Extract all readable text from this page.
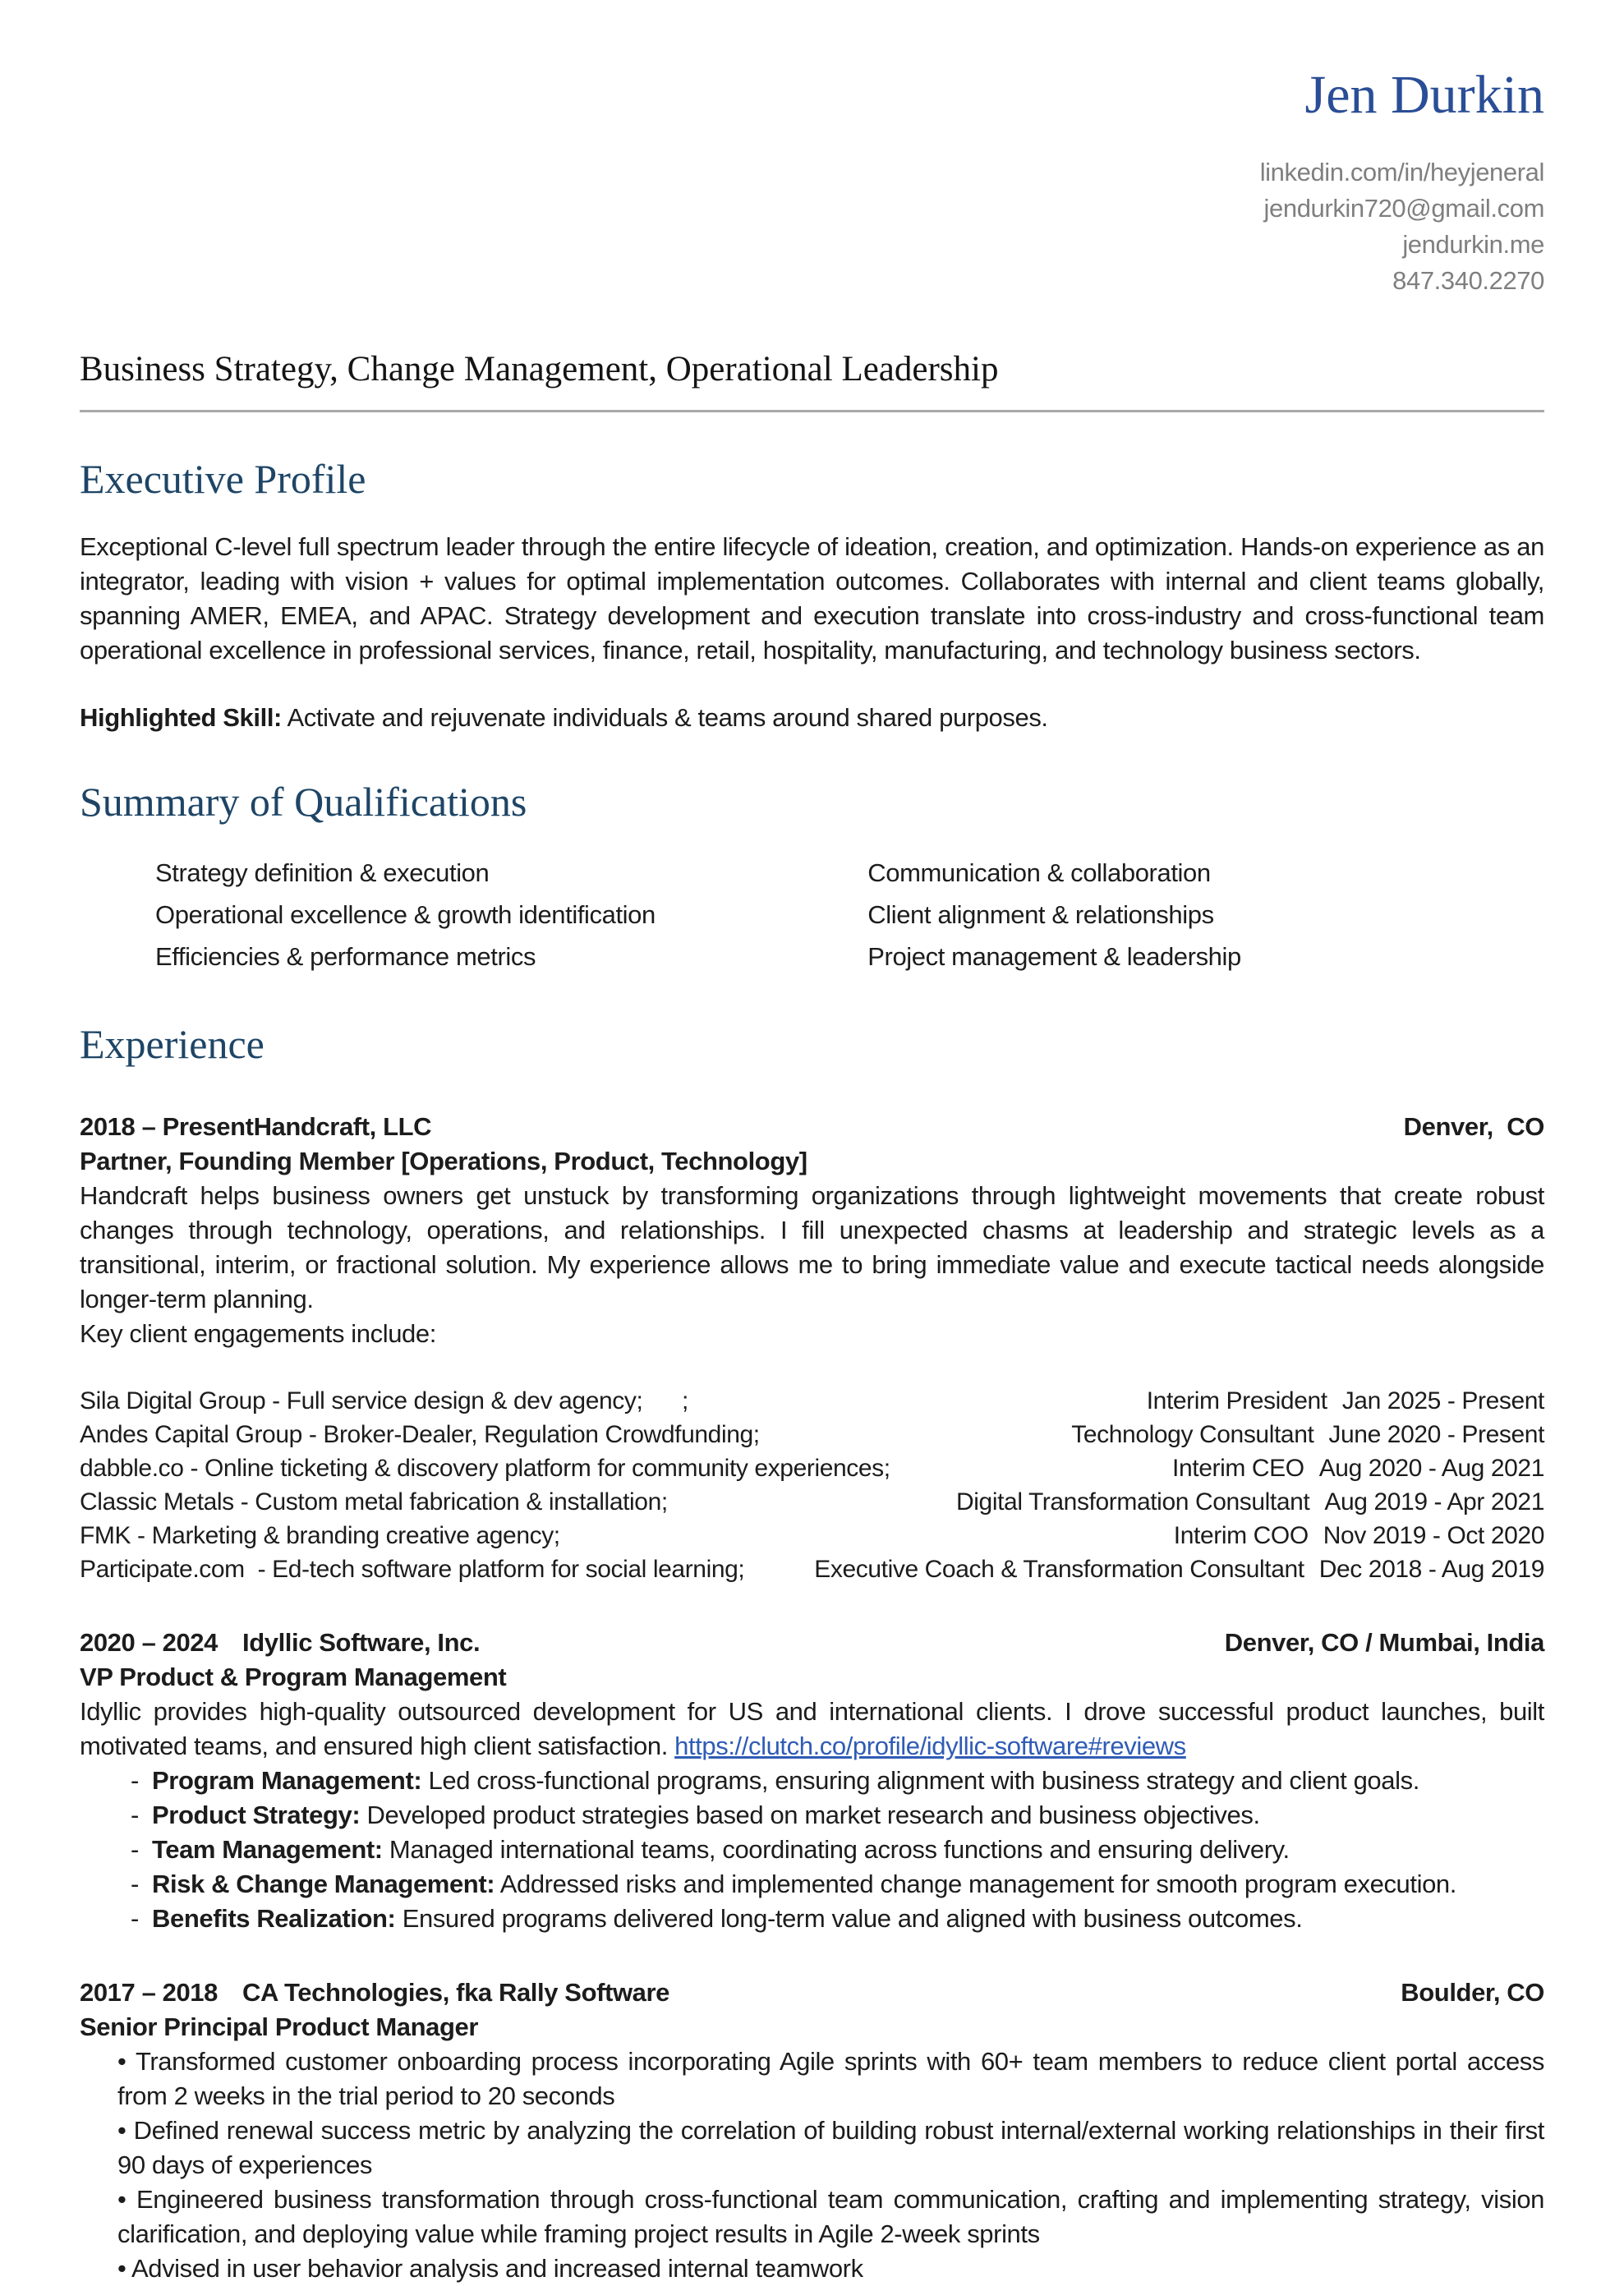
Jen Durkin
linkedin.com/in/heyjeneral
jendurkin720@gmail.com
jendurkin.me
847.340.2270
Business Strategy, Change Management, Operational Leadership
Executive Profile
Exceptional C-level full spectrum leader through the entire lifecycle of ideation, creation, and optimization. Hands-on experience as an integrator, leading with vision + values for optimal implementation outcomes. Collaborates with internal and client teams globally, spanning AMER, EMEA, and APAC. Strategy development and execution translate into cross-industry and cross-functional team operational excellence in professional services, finance, retail, hospitality, manufacturing, and technology business sectors.
Highlighted Skill: Activate and rejuvenate individuals & teams around shared purposes.
Summary of Qualifications
Strategy definition & execution
Operational excellence & growth identification
Efficiencies & performance metrics
Communication & collaboration
Client alignment & relationships
Project management & leadership
Experience
2018 – Present Handcraft, LLC	Denver,  CO
Partner, Founding Member [Operations, Product, Technology]
Handcraft helps business owners get unstuck by transforming organizations through lightweight movements that create robust changes through technology, operations, and relationships. I fill unexpected chasms at leadership and strategic levels as a transitional, interim, or fractional solution. My experience allows me to bring immediate value and execute tactical needs alongside longer-term planning.
Key client engagements include:
Sila Digital Group - Full service design & dev agency;      ;	Interim President Jan 2025 - Present
Andes Capital Group - Broker-Dealer, Regulation Crowdfunding;	Technology Consultant June 2020 - Present
dabble.co - Online ticketing & discovery platform for community experiences;	Interim CEO Aug 2020 - Aug 2021
Classic Metals - Custom metal fabrication & installation;	Digital Transformation Consultant Aug 2019 - Apr 2021
FMK - Marketing & branding creative agency;	Interim COO Nov 2019 - Oct 2020
Participate.com  - Ed-tech software platform for social learning;	Executive Coach & Transformation Consultant Dec 2018 - Aug 2019
2020 – 2024 Idyllic Software, Inc.	Denver, CO / Mumbai, India
VP Product & Program Management
Idyllic provides high-quality outsourced development for US and international clients. I drove successful product launches, built motivated teams, and ensured high client satisfaction. https://clutch.co/profile/idyllic-software#reviews
- Program Management: Led cross-functional programs, ensuring alignment with business strategy and client goals.
- Product Strategy: Developed product strategies based on market research and business objectives.
- Team Management: Managed international teams, coordinating across functions and ensuring delivery.
- Risk & Change Management: Addressed risks and implemented change management for smooth program execution.
- Benefits Realization: Ensured programs delivered long-term value and aligned with business outcomes.
2017 – 2018 CA Technologies, fka Rally Software	Boulder, CO
Senior Principal Product Manager
• Transformed customer onboarding process incorporating Agile sprints with 60+ team members to reduce client portal access from 2 weeks in the trial period to 20 seconds
• Defined renewal success metric by analyzing the correlation of building robust internal/external working relationships in their first 90 days of experiences
• Engineered business transformation through cross-functional team communication, crafting and implementing strategy, vision clarification, and deploying value while framing project results in Agile 2-week sprints
• Advised in user behavior analysis and increased internal teamwork
